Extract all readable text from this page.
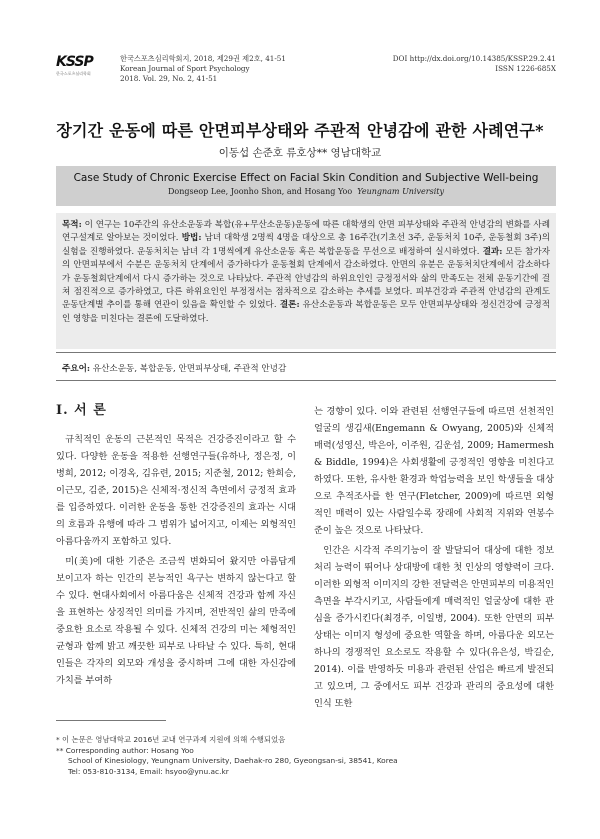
KSSP
한국스포츠심리학회
한국스포츠심리학회지, 2018, 제29권 제2호, 41-51
Korean Journal of Sport Psychology
2018. Vol. 29, No. 2, 41-51
DOI http://dx.doi.org/10.14385/KSSP.29.2.41
ISSN 1226-685X
장기간 운동에 따른 안면피부상태와 주관적 안녕감에 관한 사례연구*
이동섭 손준호 류호상** 영남대학교
Case Study of Chronic Exercise Effect on Facial Skin Condition and Subjective Well-being
Dongseop Lee, Joonho Shon, and Hosang Yoo Yeungnam University
목적: 이 연구는 10주간의 유산소운동과 복합(유+무산소운동)운동에 따른 대학생의 안면 피부상태와 주관적 안녕감의 변화를 사례연구설계로 알아보는 것이었다. 방법: 남녀 대학생 2명씩 4명을 대상으로 총 16주간(기초선 3주, 운동처치 10주, 운동철회 3주)의 실험을 진행하였다. 운동처치는 남녀 각 1명씩에게 유산소운동 혹은 복합운동을 무선으로 배정하여 실시하였다. 결과: 모든 참가자의 안면피부에서 수분은 운동처치 단계에서 증가하다가 운동철회 단계에서 감소하였다. 안면의 유분은 운동처치단계에서 감소하다가 운동철회단계에서 다시 증가하는 것으로 나타났다. 주관적 안녕감의 하위요인인 긍정정서와 삶의 만족도는 전체 운동기간에 걸쳐 점진적으로 증가하였고, 다른 하위요인인 부정정서는 점차적으로 감소하는 추세를 보였다. 피부건강과 주관적 안녕감의 관계도 운동단계별 추이를 통해 연관이 있음을 확인할 수 있었다. 결론: 유산소운동과 복합운동은 모두 안면피부상태와 정신건강에 긍정적인 영향을 미친다는 결론에 도달하였다.
주요어: 유산소운동, 복합운동, 안면피부상태, 주관적 안녕감
I. 서 론

규칙적인 운동의 근본적인 목적은 건강증진이라고 할 수 있다. 다양한 운동을 적용한 선행연구들(유하나, 정은정, 이병희, 2012; 이경옥, 김유련, 2015; 지준철, 2012; 한희승, 이근모, 김준, 2015)은 신체적·정신적 측면에서 긍정적 효과를 입증하였다. 이러한 운동을 통한 건강증진의 효과는 시대의 흐름과 유행에 따라 그 범위가 넓어지고, 이제는 외형적인 아름다움까지 포함하고 있다.

미(美)에 대한 기준은 조금씩 변화되어 왔지만 아름답게 보이고자 하는 인간의 본능적인 욕구는 변하지 않는다고 할 수 있다. 현대사회에서 아름다움은 신체적 건강과 함께 자신을 표현하는 상징적인 의미를 가지며, 전반적인 삶의 만족에 중요한 요소로 작용될 수 있다. 신체적 건강의 미는 체형적인 균형과 함께 밝고 깨끗한 피부로 나타날 수 있다. 특히, 현대인들은 각자의 외모와 개성을 중시하며 그에 대한 자신감에 가치를 부여하

는 경향이 있다. 이와 관련된 선행연구들에 따르면 선천적인 얼굴의 생김새(Engemann & Owyang, 2005)와 신체적 매력(성영신, 박은아, 이주원, 김운섭, 2009; Hamermesh & Biddle, 1994)은 사회생활에 긍정적인 영향을 미친다고 하였다. 또한, 유사한 환경과 학업능력을 보인 학생들을 대상으로 추적조사를 한 연구(Fletcher, 2009)에 따르면 외형적인 매력이 있는 사람일수록 장래에 사회적 지위와 연봉수준이 높은 것으로 나타났다.

인간은 시각적 주의기능이 잘 발달되어 대상에 대한 정보처리 능력이 뛰어나 상대방에 대한 첫 인상의 영향력이 크다. 이러한 외형적 이미지의 강한 전달력은 안면피부의 미용적인 측면을 부각시키고, 사람들에게 매력적인 얼굴상에 대한 관심을 증가시킨다(최경주, 이일병, 2004). 또한 안면의 피부상태는 이미지 형성에 중요한 역할을 하며, 아름다운 외모는 하나의 경쟁적인 요소로도 작용할 수 있다(유은성, 박길순, 2014). 이를 반영하듯 미용과 관련된 산업은 빠르게 발전되고 있으며, 그 중에서도 피부 건강과 관리의 중요성에 대한 인식 또한

* 이 논문은 영남대학교 2016년 교내 연구과제 지원에 의해 수행되었음
** Corresponding author: Hosang Yoo
School of Kinesiology, Yeungnam University, Daehak-ro 280, Gyeongsan-si, 38541, Korea
Tel: 053-810-3134, Email: hsyoo@ynu.ac.kr
